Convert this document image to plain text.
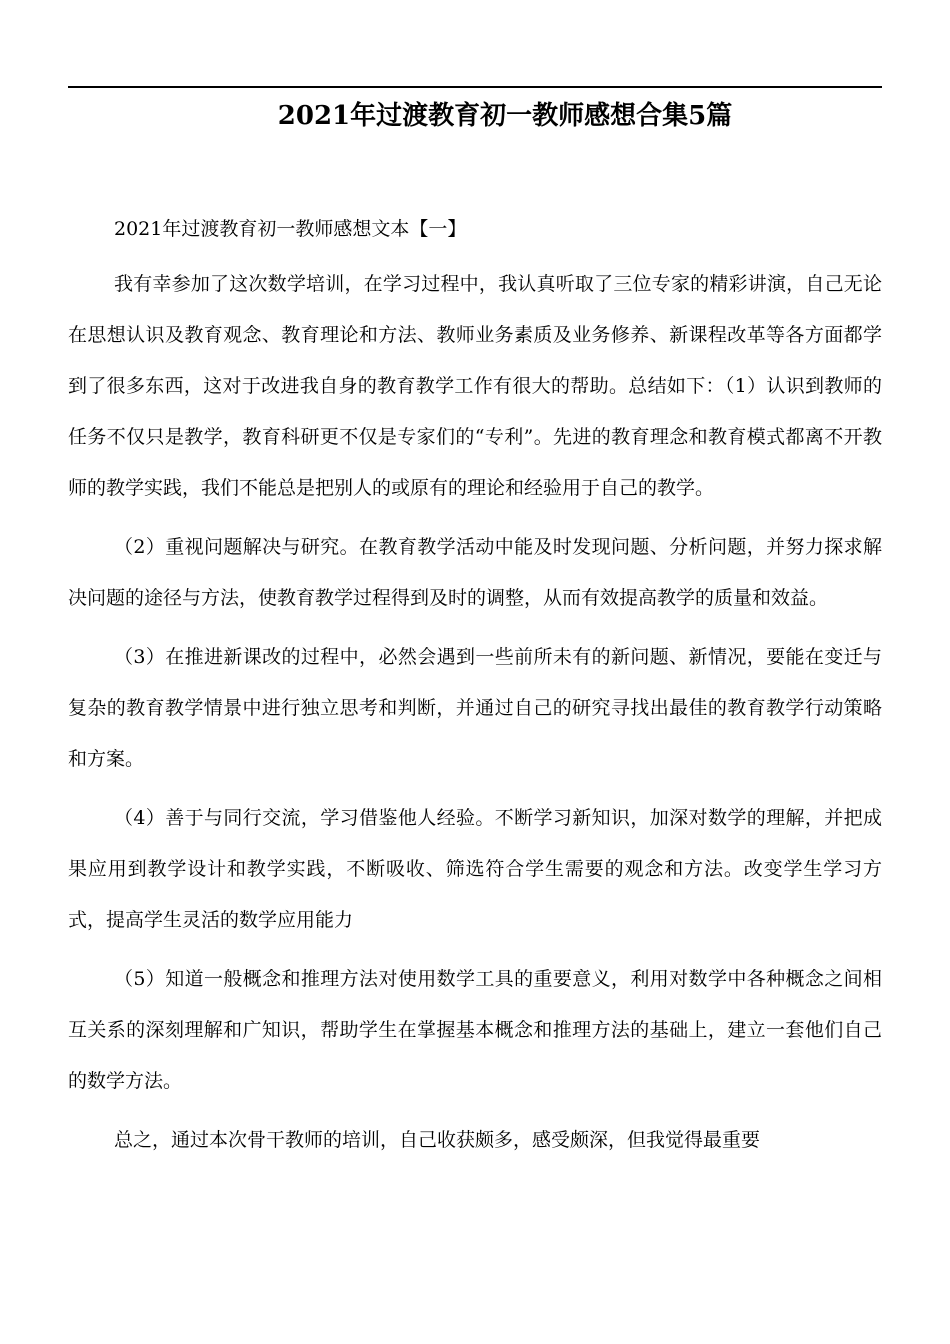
2021年过渡教育初一教师感想合集5篇

2021年过渡教育初一教师感想文本【一】

我有幸参加了这次数学培训，在学习过程中，我认真听取了三位专家的精彩讲演，自己无论在思想认识及教育观念、教育理论和方法、教师业务素质及业务修养、新课程改革等各方面都学到了很多东西，这对于改进我自身的教育教学工作有很大的帮助。总结如下：（1）认识到教师的任务不仅只是教学，教育科研更不仅是专家们的“专利”。先进的教育理念和教育模式都离不开教师的教学实践，我们不能总是把别人的或原有的理论和经验用于自己的教学。

（2）重视问题解决与研究。在教育教学活动中能及时发现问题、分析问题，并努力探求解决问题的途径与方法，使教育教学过程得到及时的调整，从而有效提高教学的质量和效益。

（3）在推进新课改的过程中，必然会遇到一些前所未有的新问题、新情况，要能在变迁与复杂的教育教学情景中进行独立思考和判断，并通过自己的研究寻找出最佳的教育教学行动策略和方案。

（4）善于与同行交流，学习借鉴他人经验。不断学习新知识，加深对数学的理解，并把成果应用到教学设计和教学实践，不断吸收、筛选符合学生需要的观念和方法。改变学生学习方式，提高学生灵活的数学应用能力

（5）知道一般概念和推理方法对使用数学工具的重要意义，利用对数学中各种概念之间相互关系的深刻理解和广知识，帮助学生在掌握基本概念和推理方法的基础上，建立一套他们自己的数学方法。

总之，通过本次骨干教师的培训，自己收获颇多，感受颇深，但我觉得最重要
